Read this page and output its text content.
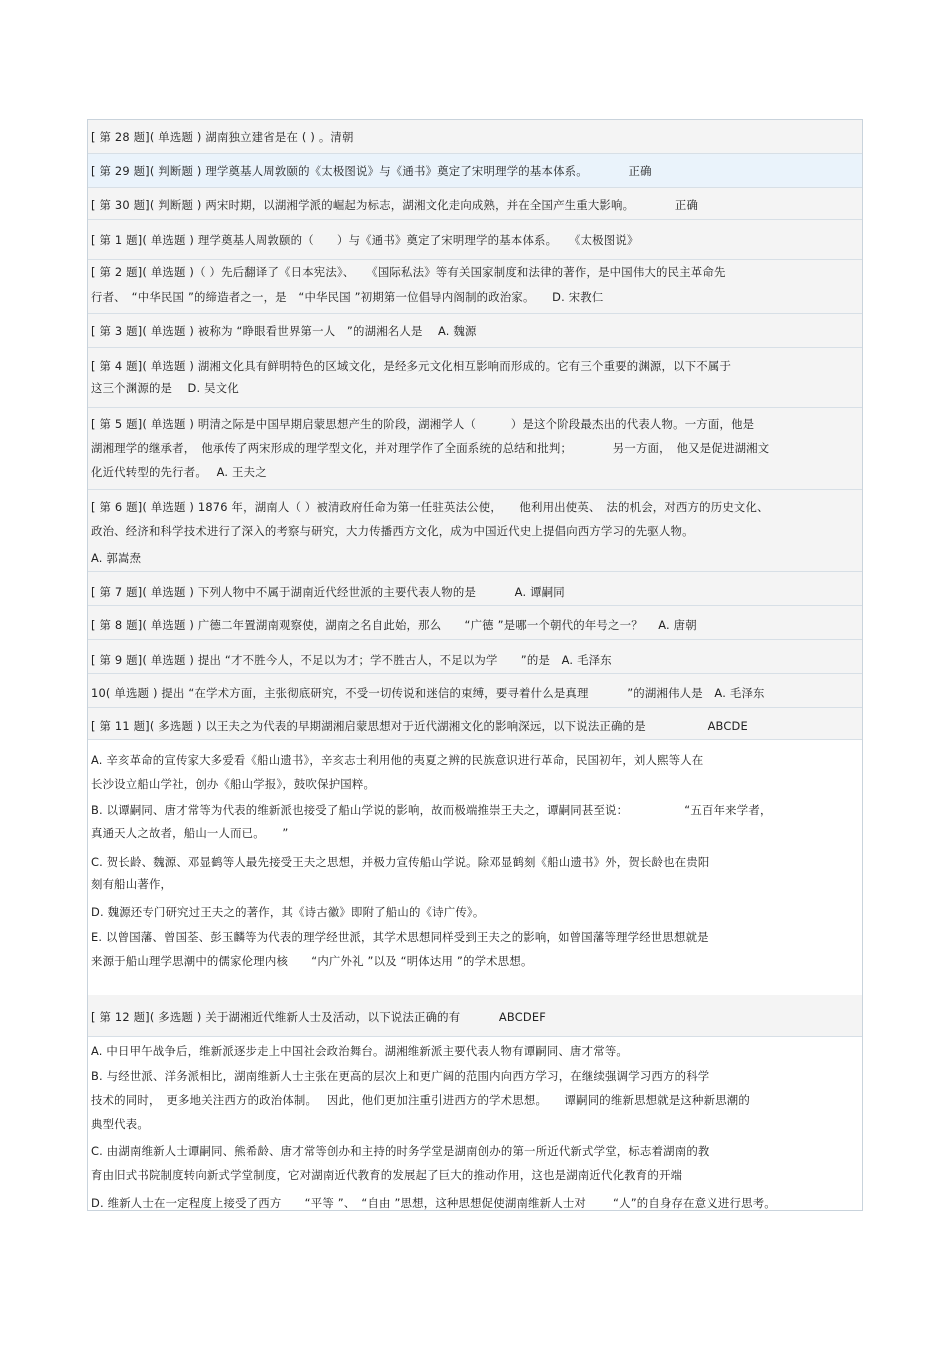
[ 第 28 题]( 单选题 ) 湖南独立建省是在 ( ) 。清朝
[ 第 29 题]( 判断题 ) 理学奠基人周敦颐的《太极图说》与《通书》奠定了宋明理学的基本体系。　　　　正确
[ 第 30 题]( 判断题 ) 两宋时期，以湖湘学派的崛起为标志，湖湘文化走向成熟，并在全国产生重大影响。　　　　正确
[ 第 1 题]( 单选题 ) 理学奠基人周敦颐的（　　）与《通书》奠定了宋明理学的基本体系。　　《太极图说》
[ 第 2 题]( 单选题 )（ ）先后翻译了《日本宪法》、　　《国际私法》等有关国家制度和法律的著作，是中国伟大的民主革命先
行者、　“中华民国 ”的缔造者之一，是　“中华民国 ”初期第一位倡导内阁制的政治家。　　D. 宋教仁
[ 第 3 题]( 单选题 ) 被称为 “睁眼看世界第一人　”的湖湘名人是　 A. 魏源
[ 第 4 题]( 单选题 ) 湖湘文化具有鲜明特色的区域文化，是经多元文化相互影响而形成的。它有三个重要的渊源，以下不属于
这三个渊源的是　 D. 吴文化
[ 第 5 题]( 单选题 ) 明清之际是中国早期启蒙思想产生的阶段，湖湘学人（　　　）是这个阶段最杰出的代表人物。一方面，他是
湖湘理学的继承者，　他承传了两宋形成的理学型文化，并对理学作了全面系统的总结和批判；　　　　另一方面，　他又是促进湖湘文
化近代转型的先行者。　 A. 王夫之
[ 第 6 题]( 单选题 ) 1876 年，湖南人（ ）被清政府任命为第一任驻英法公使，　　他利用出使英、　法的机会，对西方的历史文化、
政治、经济和科学技术进行了深入的考察与研究，大力传播西方文化，成为中国近代史上提倡向西方学习的先驱人物。
A. 郭嵩焘
[ 第 7 题]( 单选题 ) 下列人物中不属于湖南近代经世派的主要代表人物的是　　　 A. 谭嗣同
[ 第 8 题]( 单选题 ) 广德二年置湖南观察使，湖南之名自此始，那么　　“广德 ”是哪一个朝代的年号之一？　 A. 唐朝
[ 第 9 题]( 单选题 ) 提出 “才不胜今人，不足以为才；学不胜古人，不足以为学　　”的是　A. 毛泽东
10( 单选题 ) 提出 “在学术方面，主张彻底研究，不受一切传说和迷信的束缚，要寻着什么是真理　　　 ”的湖湘伟人是　A. 毛泽东
[ 第 11 题]( 多选题 ) 以王夫之为代表的早期湖湘启蒙思想对于近代湖湘文化的影响深远，以下说法正确的是　　　　　 ABCDE
A. 辛亥革命的宣传家大多爱看《船山遗书》，辛亥志士利用他的夷夏之辨的民族意识进行革命，民国初年，刘人熙等人在
长沙设立船山学社，创办《船山学报》，鼓吹保护国粹。
B. 以谭嗣同、唐才常等为代表的维新派也接受了船山学说的影响，故而极端推崇王夫之，谭嗣同甚至说：　　　　　 “五百年来学者，
真通天人之故者，船山一人而已。　　”
C. 贺长龄、魏源、邓显鹤等人最先接受王夫之思想，并极力宣传船山学说。除邓显鹤刻《船山遗书》外，贺长龄也在贵阳
刻有船山著作，
D. 魏源还专门研究过王夫之的著作，其《诗古徽》即附了船山的《诗广传》。
E. 以曾国藩、曾国荃、彭玉麟等为代表的理学经世派，其学术思想同样受到王夫之的影响，如曾国藩等理学经世思想就是
来源于船山理学思潮中的儒家伦理内核　　“内广外礼 ”以及 “明体达用 ”的学术思想。
[ 第 12 题]( 多选题 ) 关于湖湘近代维新人士及活动，以下说法正确的有　　　 ABCDEF
A. 中日甲午战争后，维新派逐步走上中国社会政治舞台。湖湘维新派主要代表人物有谭嗣同、唐才常等。
B. 与经世派、洋务派相比，湖南维新人士主张在更高的层次上和更广阔的范围内向西方学习，在继续强调学习西方的科学
技术的同时，　更多地关注西方的政治体制。　 因此，他们更加注重引进西方的学术思想。　　谭嗣同的维新思想就是这种新思潮的
典型代表。
C. 由湖南维新人士谭嗣同、熊希龄、唐才常等创办和主持的时务学堂是湖南创办的第一所近代新式学堂，标志着湖南的教
育由旧式书院制度转向新式学堂制度，它对湖南近代教育的发展起了巨大的推动作用，这也是湖南近代化教育的开端
D. 维新人士在一定程度上接受了西方　　“平等 ”、　“自由 ”思想，这种思想促使湖南维新人士对　　 “人”的自身存在意义进行思考。
